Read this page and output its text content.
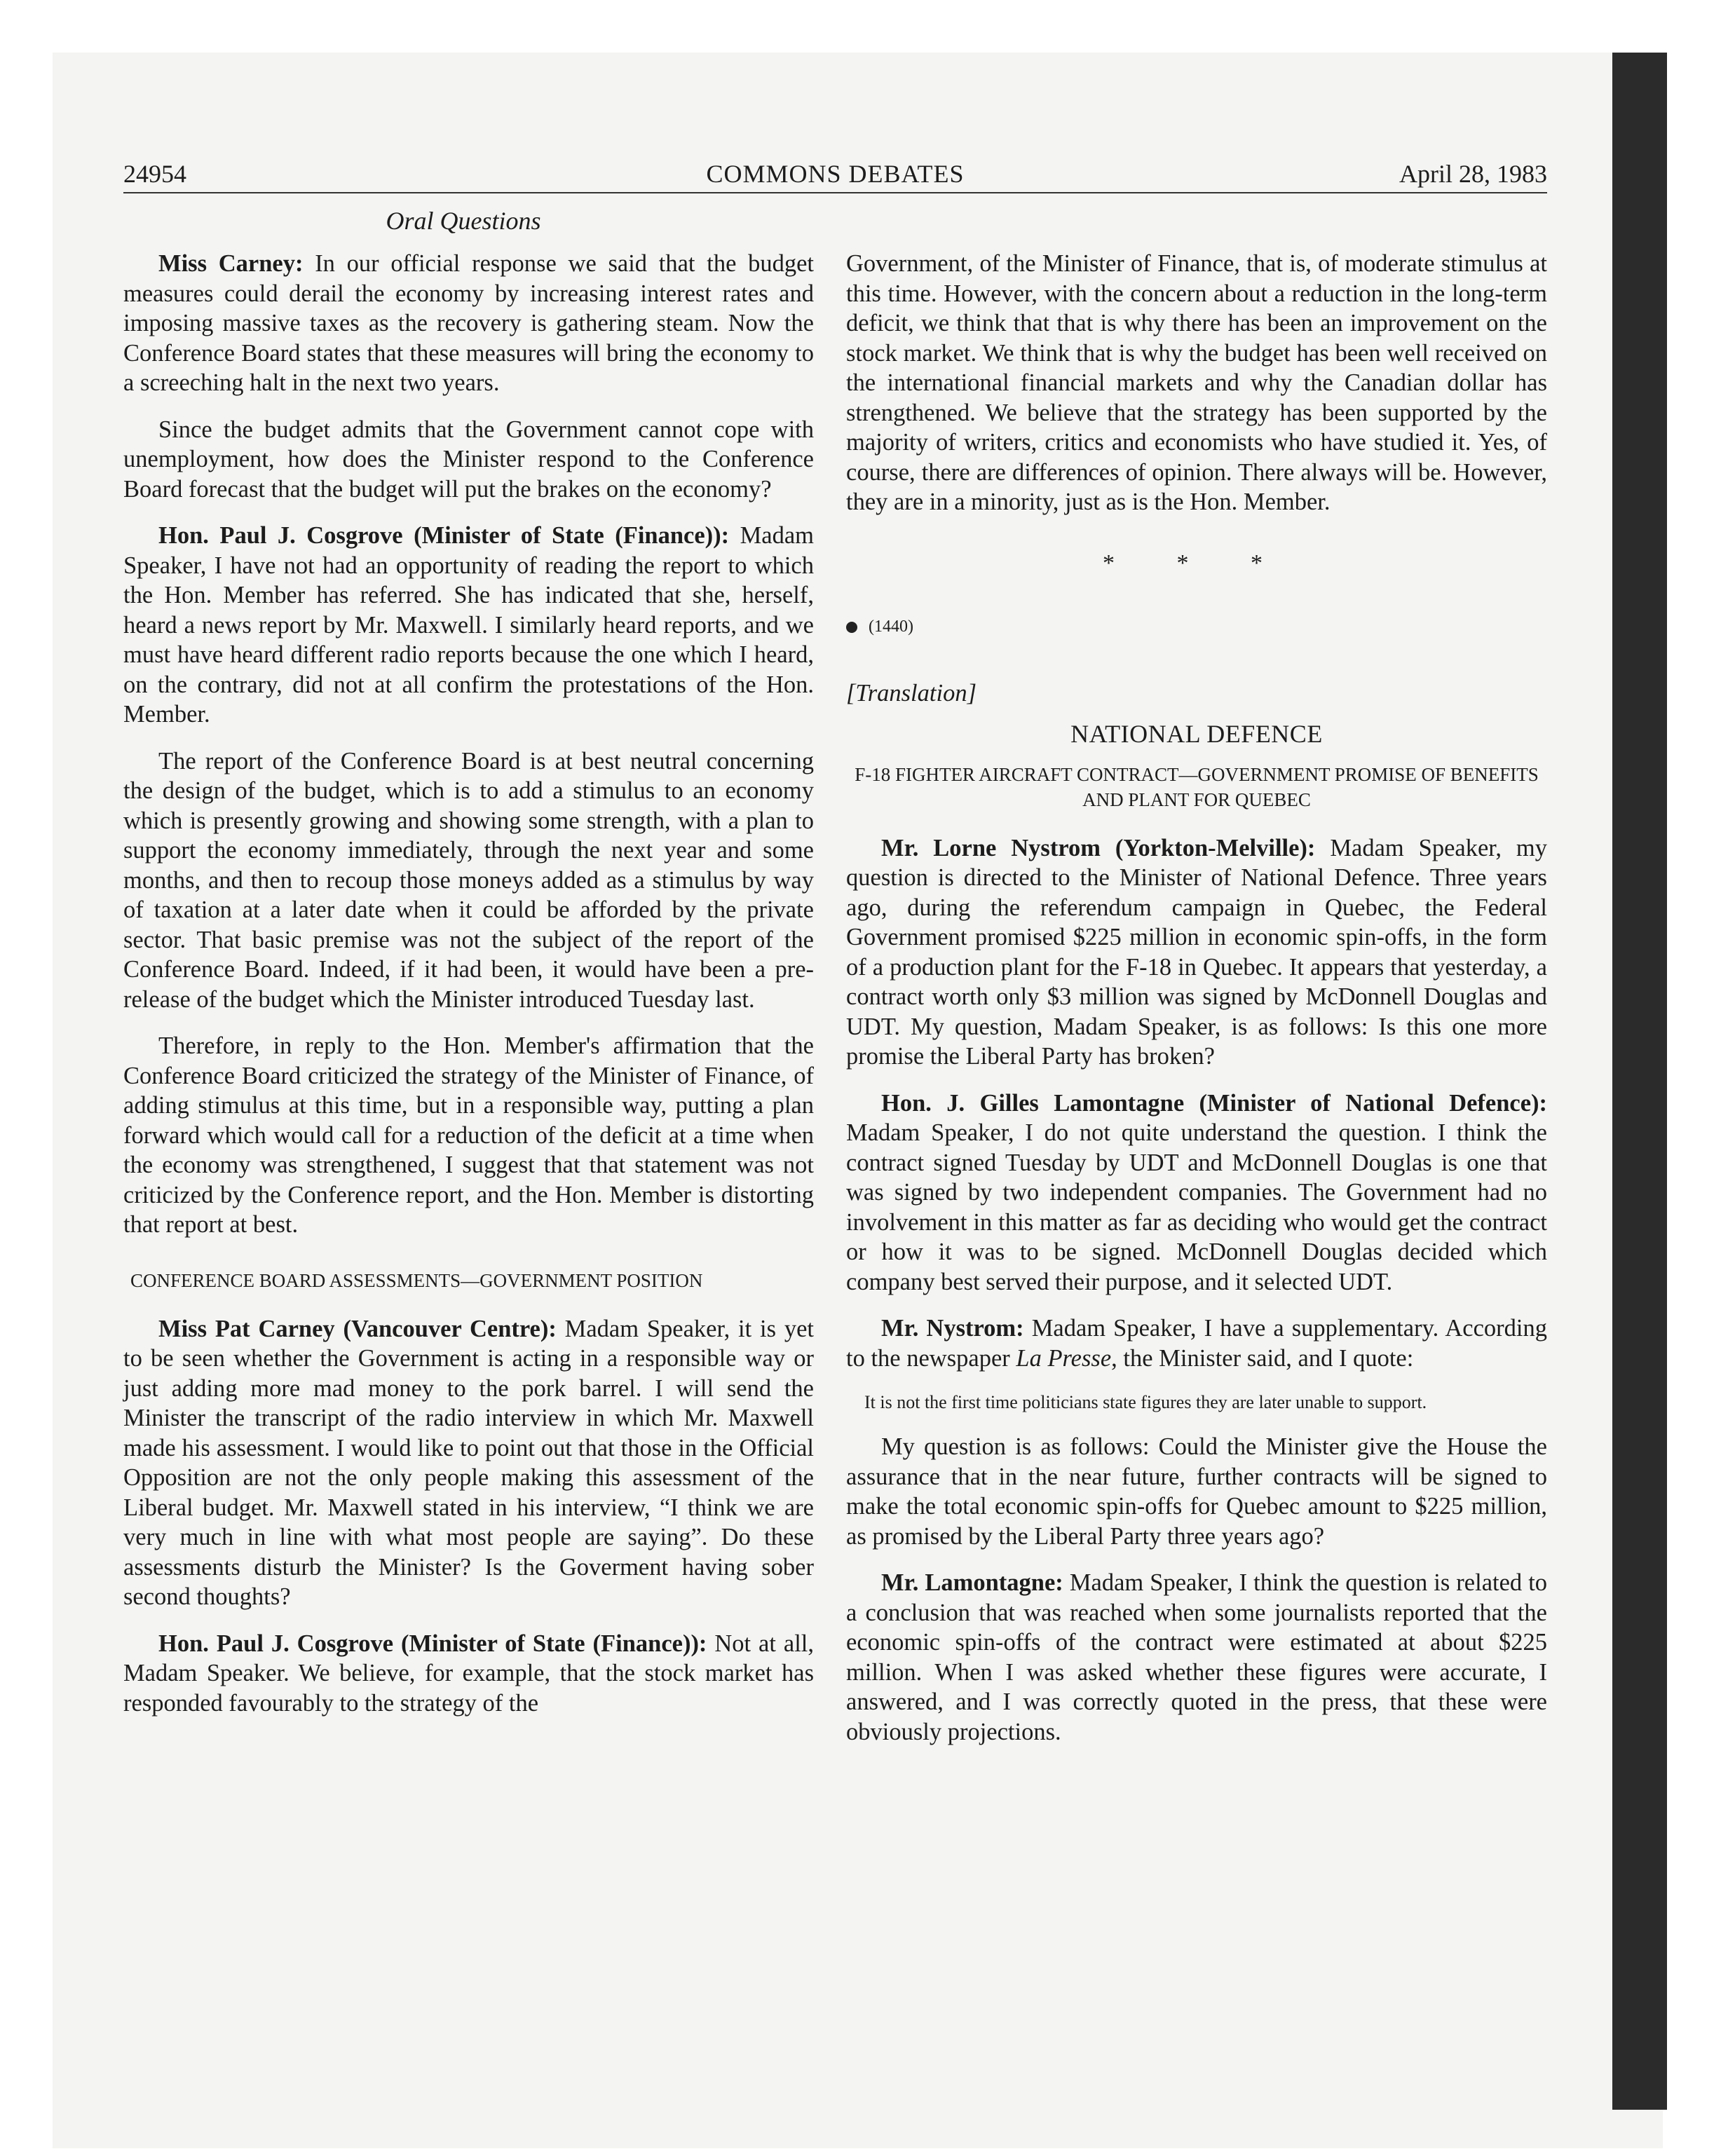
24954	COMMONS DEBATES	April 28, 1983
Oral Questions

Miss Carney: In our official response we said that the budget measures could derail the economy by increasing interest rates and imposing massive taxes as the recovery is gathering steam. Now the Conference Board states that these measures will bring the economy to a screeching halt in the next two years.

Since the budget admits that the Government cannot cope with unemployment, how does the Minister respond to the Conference Board forecast that the budget will put the brakes on the economy?

Hon. Paul J. Cosgrove (Minister of State (Finance)): Madam Speaker, I have not had an opportunity of reading the report to which the Hon. Member has referred. She has indicated that she, herself, heard a news report by Mr. Maxwell. I similarly heard reports, and we must have heard different radio reports because the one which I heard, on the contrary, did not at all confirm the protestations of the Hon. Member.

The report of the Conference Board is at best neutral concerning the design of the budget, which is to add a stimulus to an economy which is presently growing and showing some strength, with a plan to support the economy immediately, through the next year and some months, and then to recoup those moneys added as a stimulus by way of taxation at a later date when it could be afforded by the private sector. That basic premise was not the subject of the report of the Conference Board. Indeed, if it had been, it would have been a pre-release of the budget which the Minister introduced Tuesday last.

Therefore, in reply to the Hon. Member's affirmation that the Conference Board criticized the strategy of the Minister of Finance, of adding stimulus at this time, but in a responsible way, putting a plan forward which would call for a reduction of the deficit at a time when the economy was strengthened, I suggest that that statement was not criticized by the Conference report, and the Hon. Member is distorting that report at best.

CONFERENCE BOARD ASSESSMENTS—GOVERNMENT POSITION

Miss Pat Carney (Vancouver Centre): Madam Speaker, it is yet to be seen whether the Government is acting in a responsible way or just adding more mad money to the pork barrel. I will send the Minister the transcript of the radio interview in which Mr. Maxwell made his assessment. I would like to point out that those in the Official Opposition are not the only people making this assessment of the Liberal budget. Mr. Maxwell stated in his interview, “I think we are very much in line with what most people are saying”. Do these assessments disturb the Minister? Is the Goverment having sober second thoughts?

Hon. Paul J. Cosgrove (Minister of State (Finance)): Not at all, Madam Speaker. We believe, for example, that the stock market has responded favourably to the strategy of the

Government, of the Minister of Finance, that is, of moderate stimulus at this time. However, with the concern about a reduction in the long-term deficit, we think that that is why there has been an improvement on the stock market. We think that is why the budget has been well received on the international financial markets and why the Canadian dollar has strengthened. We believe that the strategy has been supported by the majority of writers, critics and economists who have studied it. Yes, of course, there are differences of opinion. There always will be. However, they are in a minority, just as is the Hon. Member.

* * *
(1440)
[Translation]
NATIONAL DEFENCE
F-18 FIGHTER AIRCRAFT CONTRACT—GOVERNMENT PROMISE OF BENEFITS AND PLANT FOR QUEBEC

Mr. Lorne Nystrom (Yorkton-Melville): Madam Speaker, my question is directed to the Minister of National Defence. Three years ago, during the referendum campaign in Quebec, the Federal Government promised $225 million in economic spin-offs, in the form of a production plant for the F-18 in Quebec. It appears that yesterday, a contract worth only $3 million was signed by McDonnell Douglas and UDT. My question, Madam Speaker, is as follows: Is this one more promise the Liberal Party has broken?

Hon. J. Gilles Lamontagne (Minister of National Defence): Madam Speaker, I do not quite understand the question. I think the contract signed Tuesday by UDT and McDonnell Douglas is one that was signed by two independent companies. The Government had no involvement in this matter as far as deciding who would get the contract or how it was to be signed. McDonnell Douglas decided which company best served their purpose, and it selected UDT.

Mr. Nystrom: Madam Speaker, I have a supplementary. According to the newspaper La Presse, the Minister said, and I quote:

It is not the first time politicians state figures they are later unable to support.

My question is as follows: Could the Minister give the House the assurance that in the near future, further contracts will be signed to make the total economic spin-offs for Quebec amount to $225 million, as promised by the Liberal Party three years ago?

Mr. Lamontagne: Madam Speaker, I think the question is related to a conclusion that was reached when some journalists reported that the economic spin-offs of the contract were estimated at about $225 million. When I was asked whether these figures were accurate, I answered, and I was correctly quoted in the press, that these were obviously projections.
